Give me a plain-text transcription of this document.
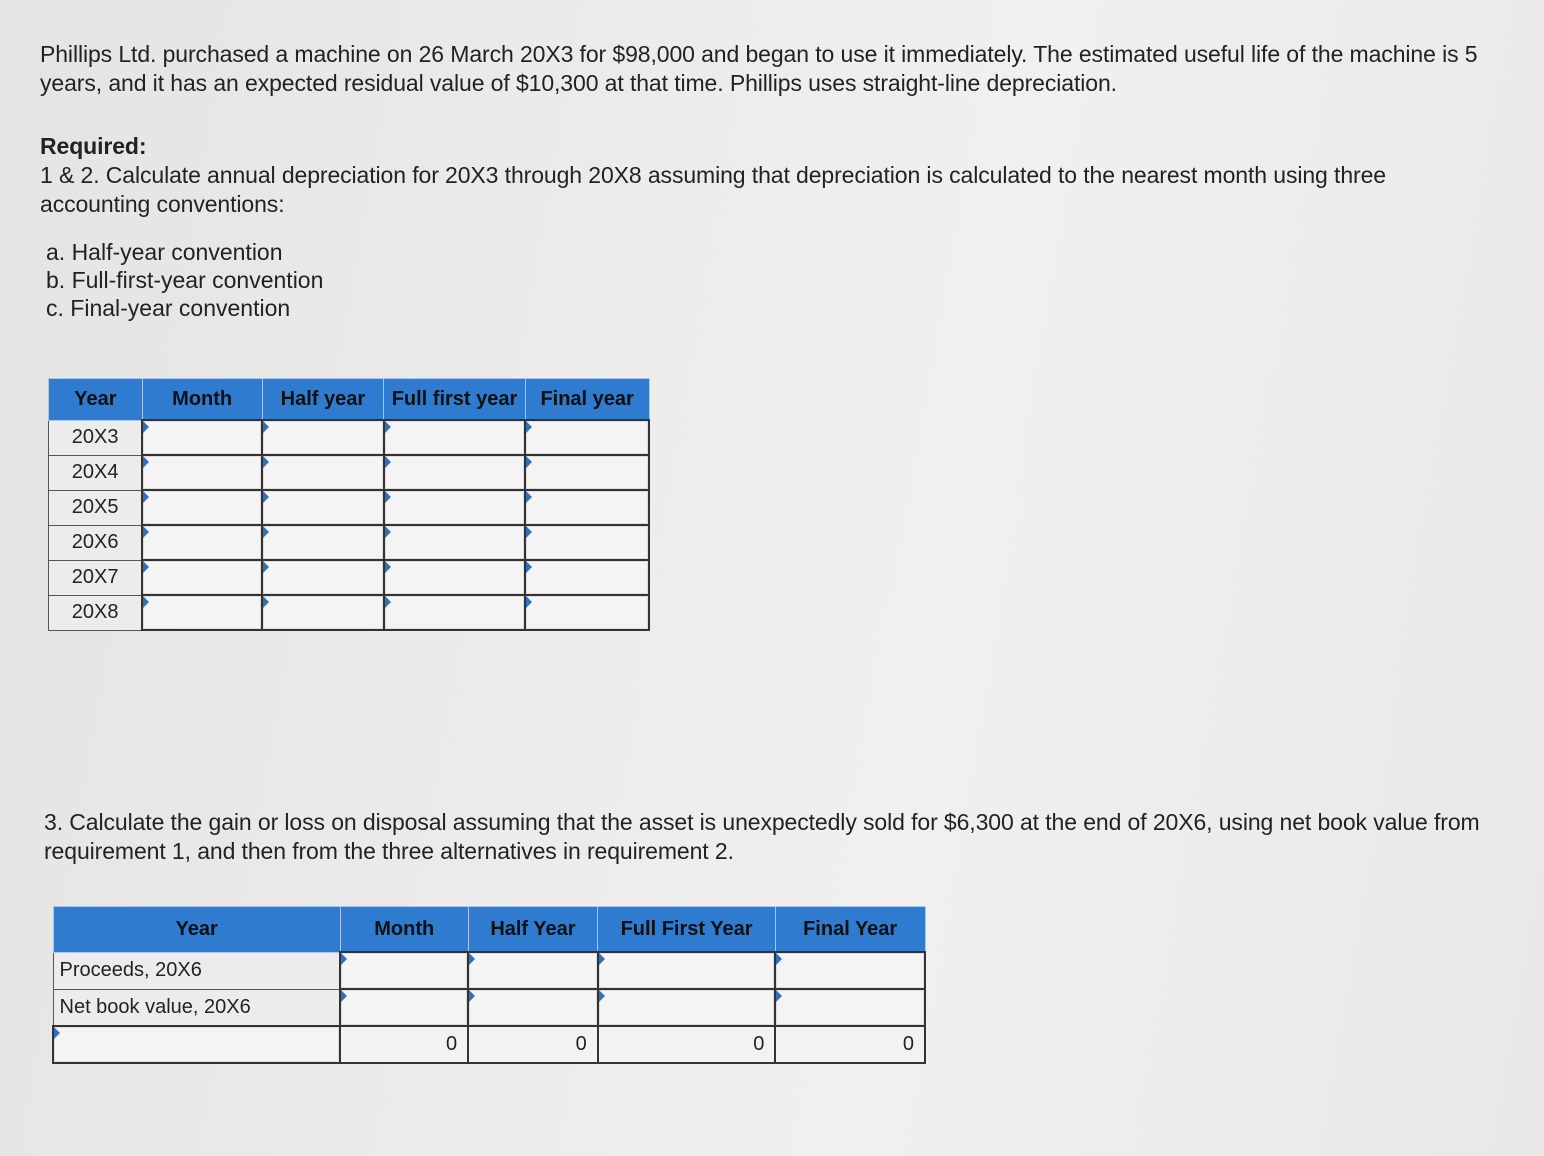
Phillips Ltd. purchased a machine on 26 March 20X3 for $98,000 and began to use it immediately. The estimated useful life of the machine is 5 years, and it has an expected residual value of $10,300 at that time. Phillips uses straight-line depreciation.

Required:
1 & 2. Calculate annual depreciation for 20X3 through 20X8 assuming that depreciation is calculated to the nearest month using three accounting conventions:

a. Half-year convention
b. Full-first-year convention
c. Final-year convention
Year	Month	Half year	Full first year	Final year
20X3				
20X4				
20X5				
20X6				
20X7				
20X8				

3. Calculate the gain or loss on disposal assuming that the asset is unexpectedly sold for $6,300 at the end of 20X6, using net book value from requirement 1, and then from the three alternatives in requirement 2.

Year	Month	Half Year	Full First Year	Final Year
Proceeds, 20X6				
Net book value, 20X6				
	0	0	0	0
